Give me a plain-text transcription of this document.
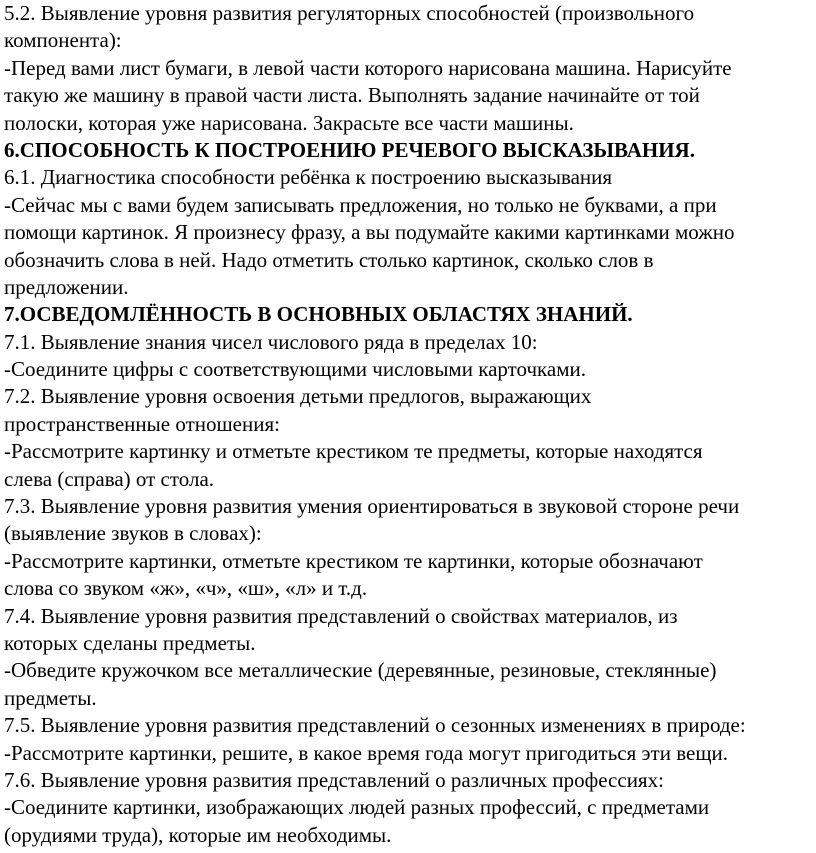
5.2. Выявление уровня развития регуляторных способностей (произвольного
компонента):
-Перед вами лист бумаги, в левой части которого нарисована машина. Нарисуйте
такую же машину в правой части листа. Выполнять задание начинайте от той
полоски, которая уже нарисована. Закрасьте все части машины.
6.СПОСОБНОСТЬ К ПОСТРОЕНИЮ РЕЧЕВОГО ВЫСКАЗЫВАНИЯ.
6.1. Диагностика способности ребёнка к построению высказывания
-Сейчас мы с вами будем записывать предложения, но только не буквами, а при
помощи картинок. Я произнесу фразу, а вы подумайте какими картинками можно
обозначить слова в ней. Надо отметить столько картинок, сколько слов в
предложении.
7.ОСВЕДОМЛЁННОСТЬ В ОСНОВНЫХ ОБЛАСТЯХ ЗНАНИЙ.
7.1. Выявление знания чисел числового ряда в пределах 10:
-Соедините цифры с соответствующими числовыми карточками.
7.2. Выявление уровня освоения детьми предлогов, выражающих
пространственные отношения:
-Рассмотрите картинку и отметьте крестиком те предметы, которые находятся
слева (справа) от стола.
7.3. Выявление уровня развития умения ориентироваться в звуковой стороне речи
(выявление звуков в словах):
-Рассмотрите картинки, отметьте крестиком те картинки, которые обозначают
слова со звуком «ж», «ч», «ш», «л» и т.д.
7.4. Выявление уровня развития представлений о свойствах материалов, из
которых сделаны предметы.
-Обведите кружочком все металлические (деревянные, резиновые, стеклянные)
предметы.
7.5. Выявление уровня развития представлений о сезонных изменениях в природе:
-Рассмотрите картинки, решите, в какое время года могут пригодиться эти вещи.
7.6. Выявление уровня развития представлений о различных профессиях:
-Соедините картинки, изображающих людей разных профессий, с предметами
(орудиями труда), которые им необходимы.
